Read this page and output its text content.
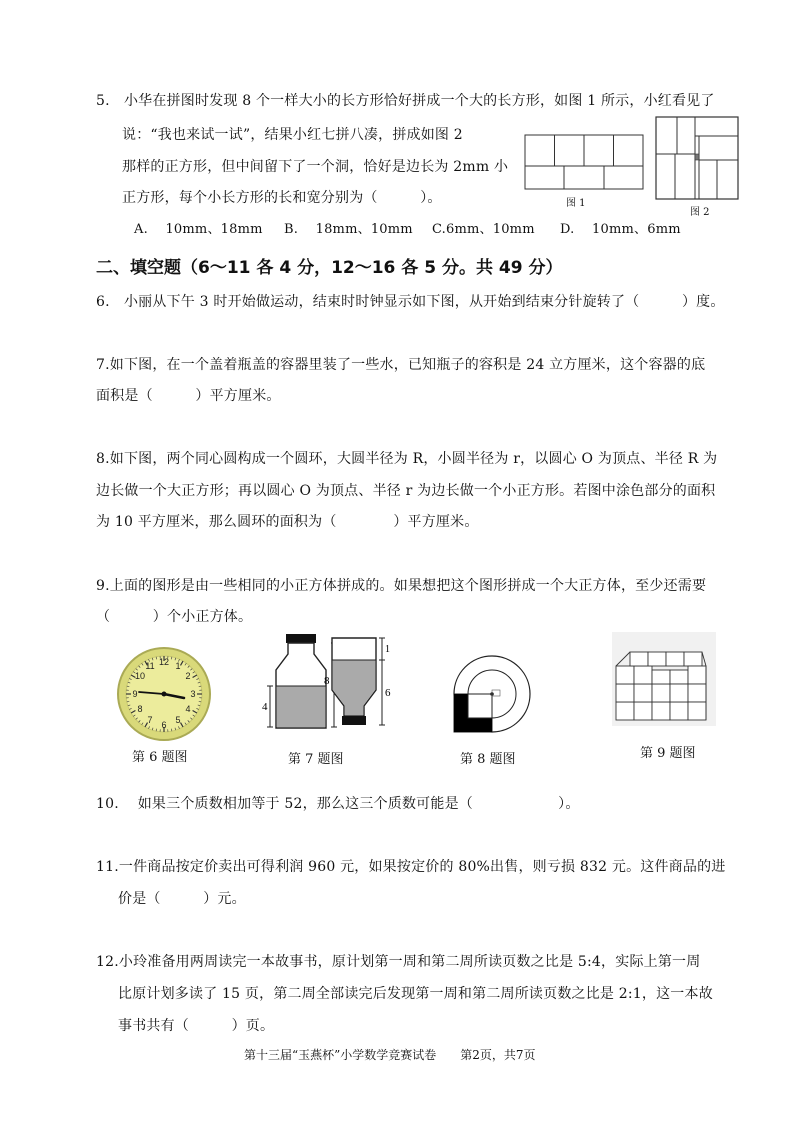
5.　小华在拼图时发现 8 个一样大小的长方形恰好拼成一个大的长方形，如图 1 所示，小红看见了
说：“我也来试一试”，结果小红七拼八凑，拼成如图 2
那样的正方形，但中间留下了一个洞，恰好是边长为 2mm 小
正方形，每个小长方形的长和宽分别为（　　　）。
A.　 10mm、18mm B.　 18mm、10mm C.6mm、10mm D.　 10mm、6mm
图 1
图 2
二、填空题（6～11 各 4 分，12～16 各 5 分。共 49 分）
6.　小丽从下午 3 时开始做运动，结束时时钟显示如下图，从开始到结束分针旋转了（　　　）度。
7.如下图，在一个盖着瓶盖的容器里装了一些水，已知瓶子的容积是 24 立方厘米，这个容器的底
面积是（　　　）平方厘米。
8.如下图，两个同心圆构成一个圆环，大圆半径为 R，小圆半径为 r，以圆心 O 为顶点、半径 R 为
边长做一个大正方形；再以圆心 O 为顶点、半径 r 为边长做一个小正方形。若图中涂色部分的面积
为 10 平方厘米，那么圆环的面积为（　　　　）平方厘米。
9.上面的图形是由一些相同的小正方体拼成的。如果想把这个图形拼成一个大正方体，至少还需要
（　　　）个小正方体。
12 1
2
3
4
5
6
7
8
9
10
11
4
8
1
6
第 6 题图	第 7 题图	第 8 题图	第 9 题图
10.　 如果三个质数相加等于 52，那么这三个质数可能是（　　　　　　）。
11.一件商品按定价卖出可得利润 960 元，如果按定价的 80%出售，则亏损 832 元。这件商品的进
价是（　　　）元。
12.小玲准备用两周读完一本故事书，原计划第一周和第二周所读页数之比是 5:4，实际上第一周
比原计划多读了 15 页，第二周全部读完后发现第一周和第二周所读页数之比是 2:1，这一本故
事书共有（　　　）页。
第十三届“玉燕杯”小学数学竞赛试卷　　第2页，共7页
